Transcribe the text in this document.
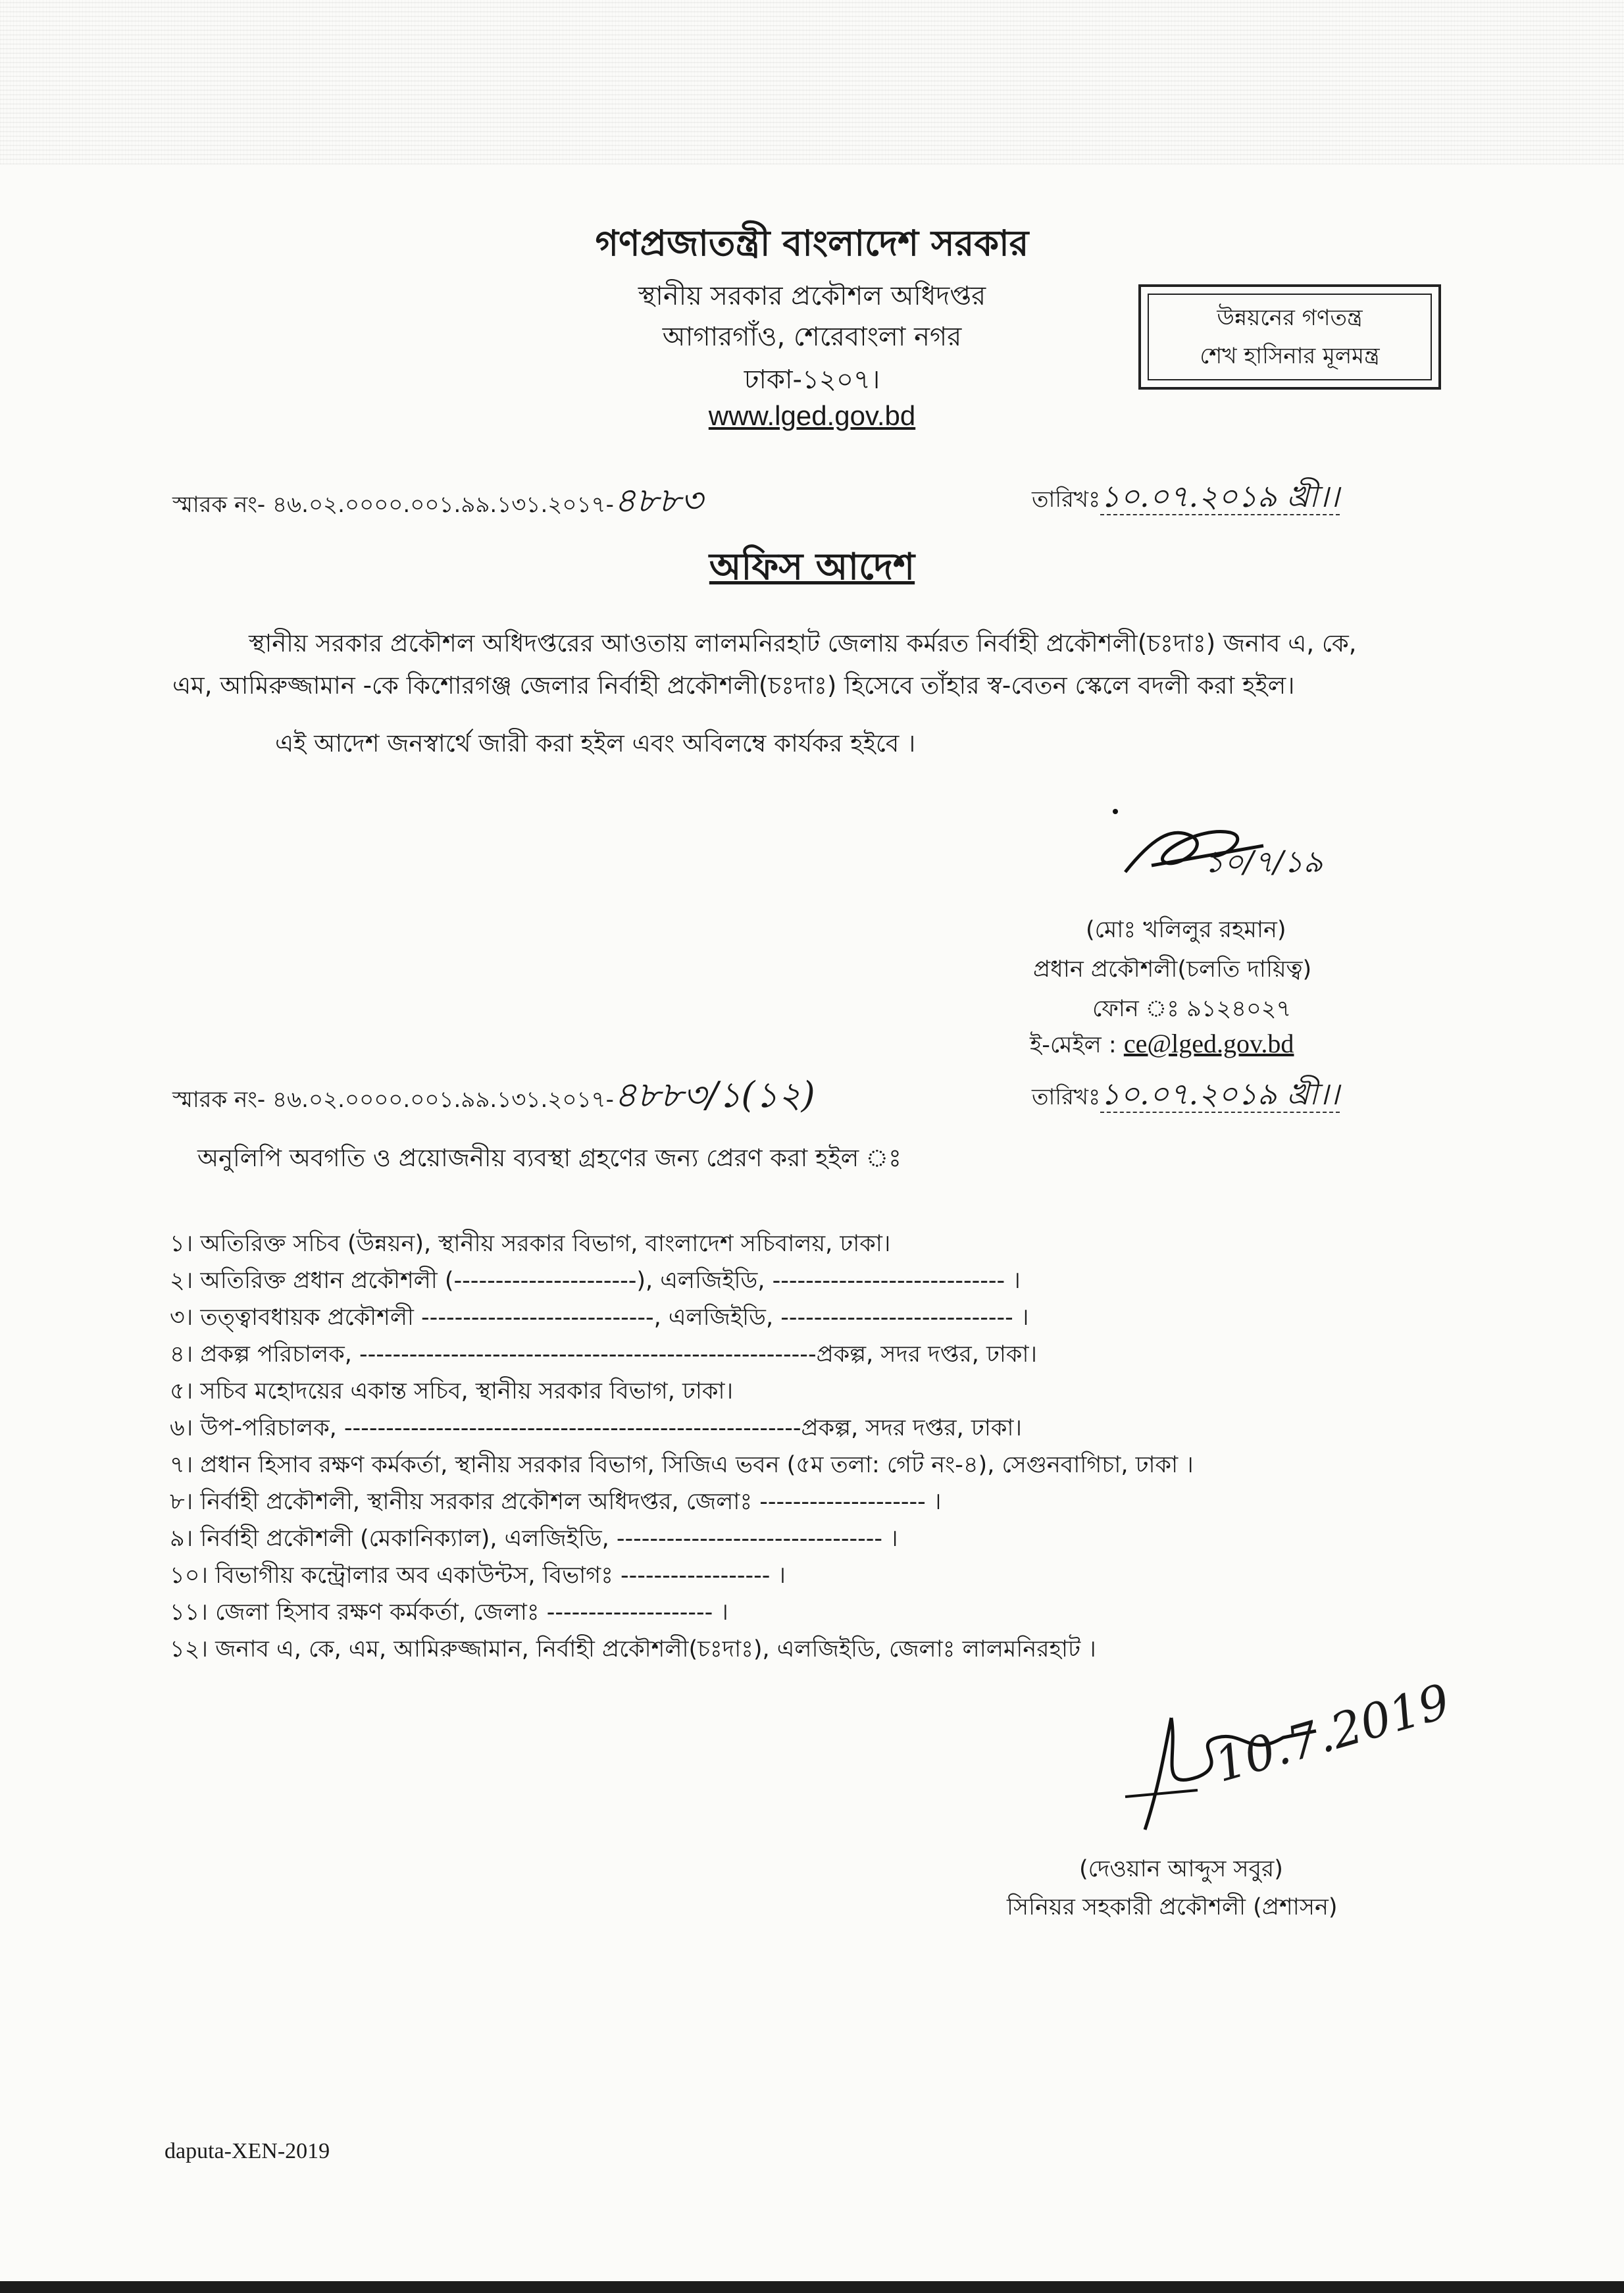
গণপ্রজাতন্ত্রী বাংলাদেশ সরকার
স্থানীয় সরকার প্রকৌশল অধিদপ্তর
আগারগাঁও, শেরেবাংলা নগর
ঢাকা-১২০৭।
www.lged.gov.bd
উন্নয়নের গণতন্ত্র
শেখ হাসিনার মূলমন্ত্র
স্মারক নং- ৪৬.০২.০০০০.০০১.৯৯.১৩১.২০১৭-৪৮৮৩	তারিখঃ১০.০৭.২০১৯ খ্রী।।
অফিস আদেশ
স্থানীয় সরকার প্রকৌশল অধিদপ্তরের আওতায় লালমনিরহাট জেলায় কর্মরত নির্বাহী প্রকৌশলী(চঃদাঃ) জনাব এ, কে,
এম, আমিরুজ্জামান -কে কিশোরগঞ্জ জেলার নির্বাহী প্রকৌশলী(চঃদাঃ) হিসেবে তাঁহার স্ব-বেতন স্কেলে বদলী করা হইল।
এই আদেশ জনস্বার্থে জারী করা হইল এবং অবিলম্বে কার্যকর হইবে ।
১০/৭/১৯
(মোঃ খলিলুর রহমান)
প্রধান প্রকৌশলী(চলতি দায়িত্ব)
ফোন ঃ ৯১২৪০২৭
ই-মেইল : ce@lged.gov.bd
স্মারক নং- ৪৬.০২.০০০০.০০১.৯৯.১৩১.২০১৭-৪৮৮৩/১(১২)	তারিখঃ১০.০৭.২০১৯ খ্রী।।
অনুলিপি অবগতি ও প্রয়োজনীয় ব্যবস্থা গ্রহণের জন্য প্রেরণ করা হইল ঃ
১। অতিরিক্ত সচিব (উন্নয়ন), স্থানীয় সরকার বিভাগ, বাংলাদেশ সচিবালয়, ঢাকা।
২। অতিরিক্ত প্রধান প্রকৌশলী (----------------------), এলজিইডি, ---------------------------- ।
৩। তত্ত্বাবধায়ক প্রকৌশলী ----------------------------, এলজিইডি, ---------------------------- ।
৪। প্রকল্প পরিচালক, -------------------------------------------------------প্রকল্প, সদর দপ্তর, ঢাকা।
৫। সচিব মহোদয়ের একান্ত সচিব, স্থানীয় সরকার বিভাগ, ঢাকা।
৬। উপ-পরিচালক, -------------------------------------------------------প্রকল্প, সদর দপ্তর, ঢাকা।
৭। প্রধান হিসাব রক্ষণ কর্মকর্তা, স্থানীয় সরকার বিভাগ, সিজিএ ভবন (৫ম তলা: গেট নং-৪), সেগুনবাগিচা, ঢাকা ।
৮। নির্বাহী প্রকৌশলী, স্থানীয় সরকার প্রকৌশল অধিদপ্তর, জেলাঃ -------------------- ।
৯। নির্বাহী প্রকৌশলী (মেকানিক্যাল), এলজিইডি, -------------------------------- ।
১০। বিভাগীয় কন্ট্রোলার অব একাউন্টস, বিভাগঃ ------------------ ।
১১। জেলা হিসাব রক্ষণ কর্মকর্তা, জেলাঃ -------------------- ।
১২। জনাব এ, কে, এম, আমিরুজ্জামান, নির্বাহী প্রকৌশলী(চঃদাঃ), এলজিইডি, জেলাঃ লালমনিরহাট ।
10.7.2019
(দেওয়ান আব্দুস সবুর)
সিনিয়র সহকারী প্রকৌশলী (প্রশাসন)
daputa-XEN-2019
